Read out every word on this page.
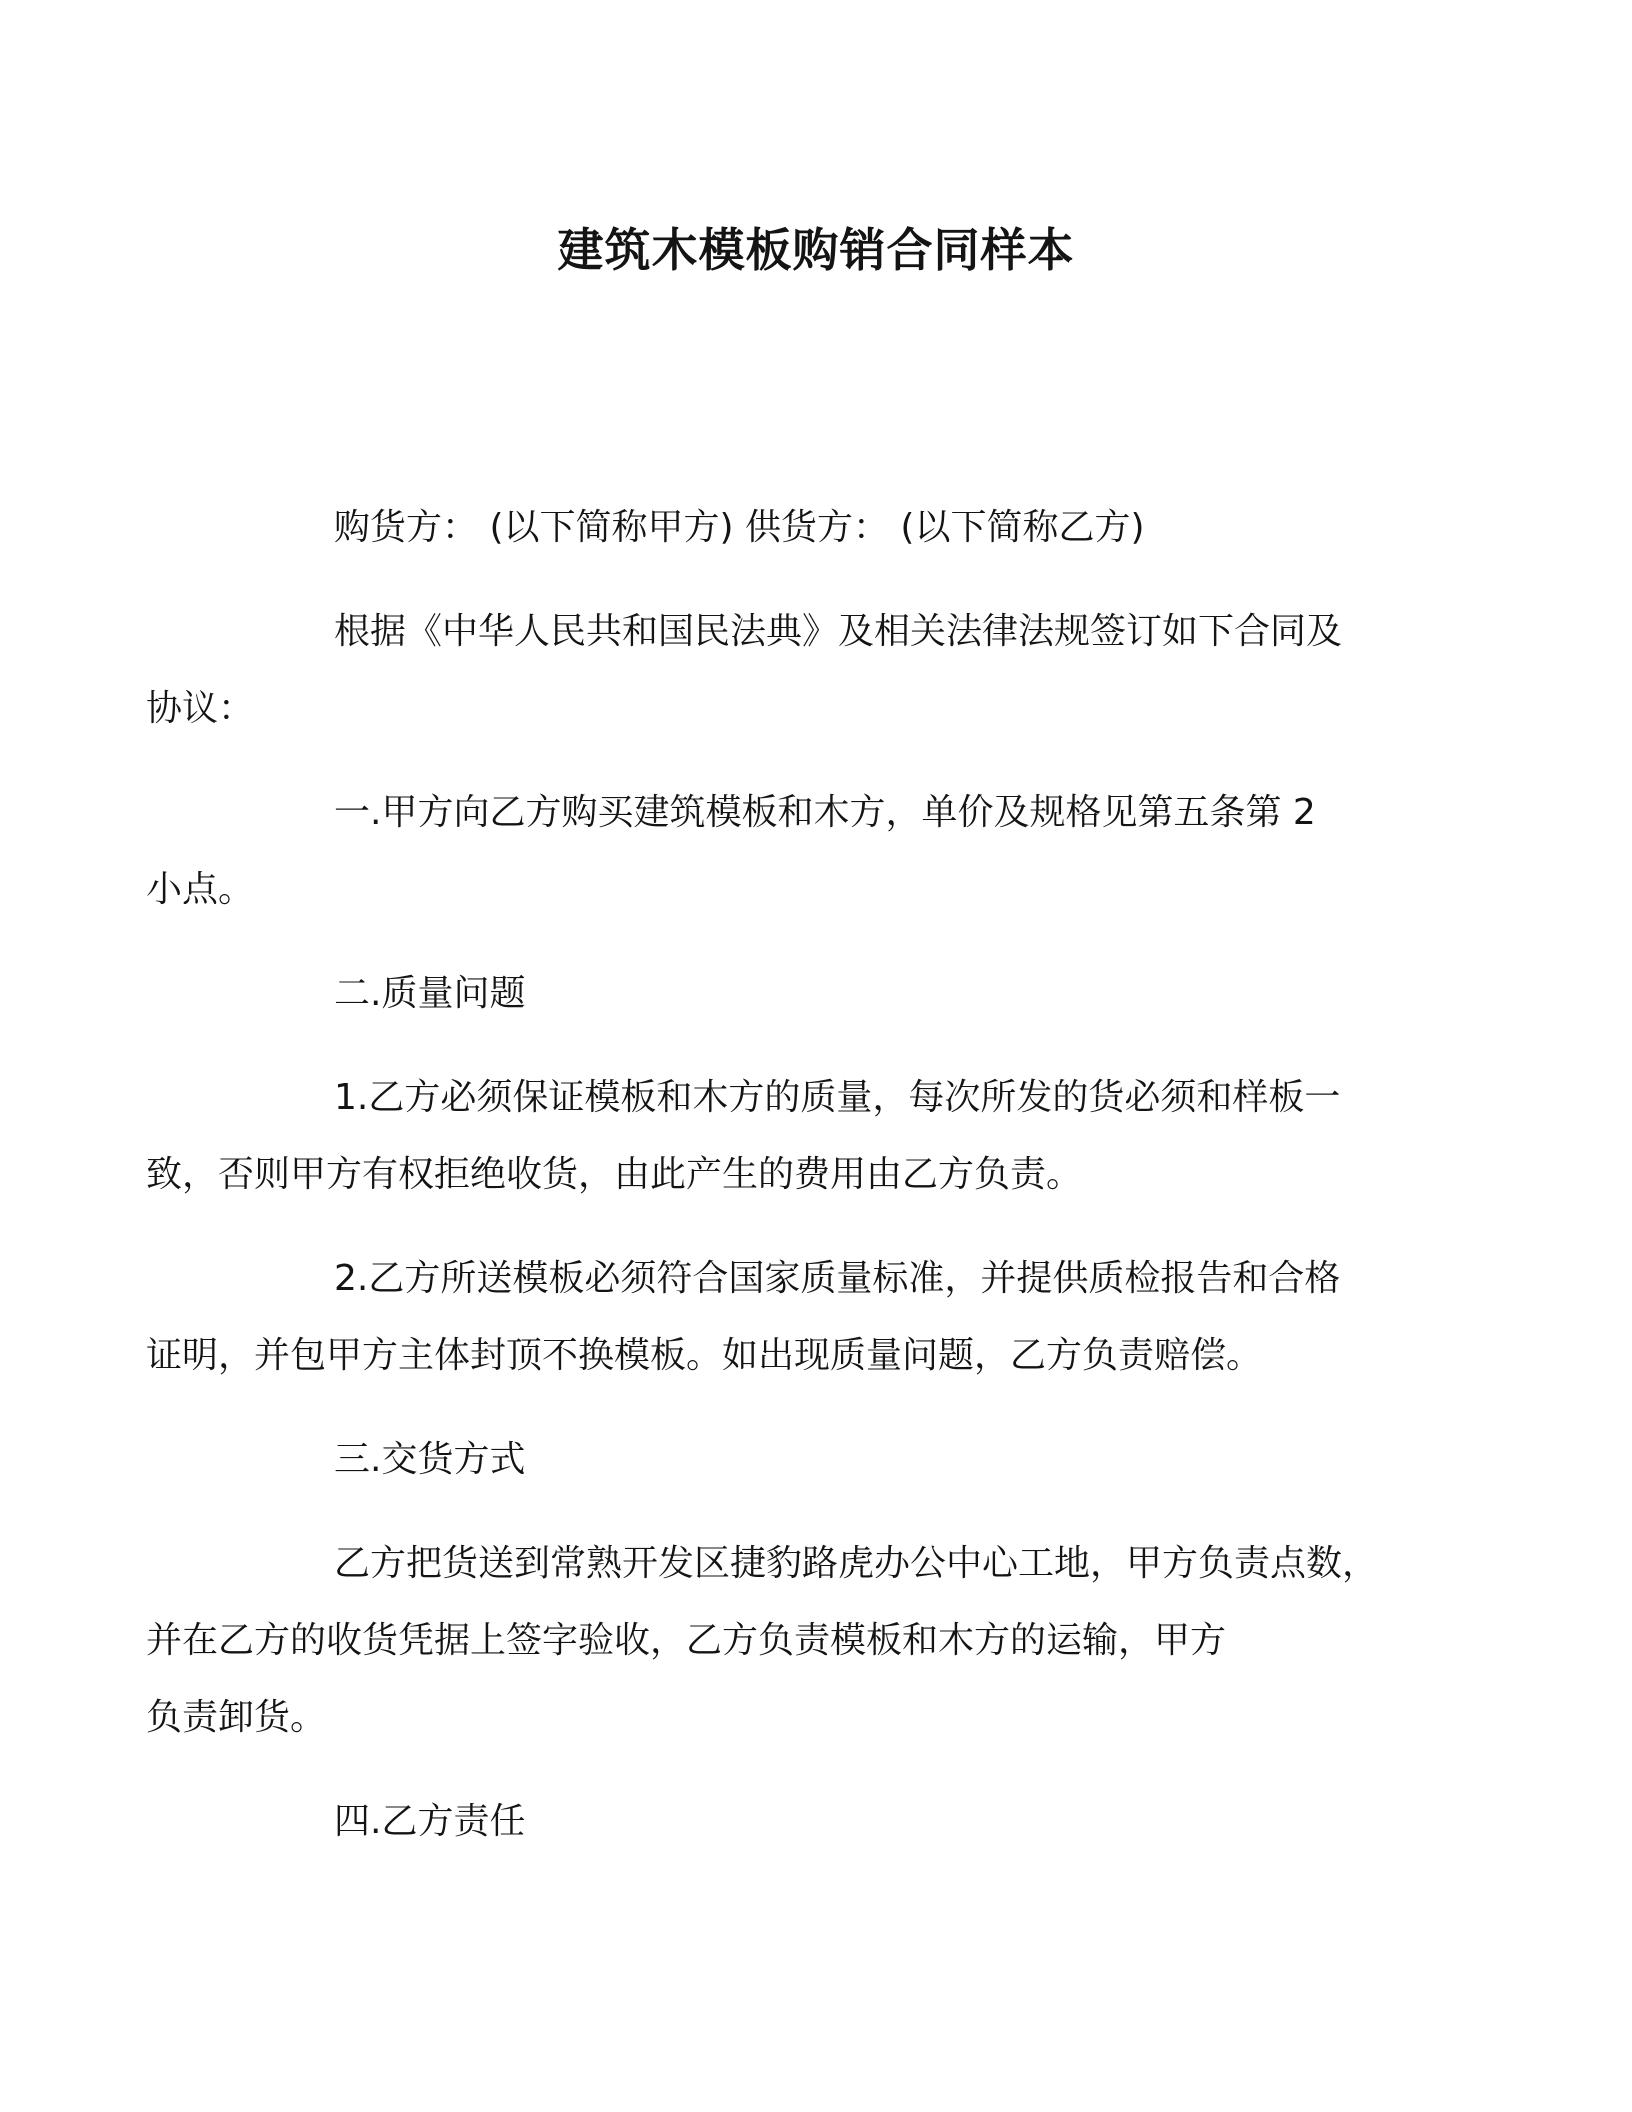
建筑木模板购销合同样本

购货方： (以下简称甲方) 供货方： (以下简称乙方)

根据《中华人民共和国民法典》及相关法律法规签订如下合同及
协议：

一.甲方向乙方购买建筑模板和木方，单价及规格见第五条第 2
小点。

二.质量问题

1.乙方必须保证模板和木方的质量，每次所发的货必须和样板一
致，否则甲方有权拒绝收货，由此产生的费用由乙方负责。

2.乙方所送模板必须符合国家质量标准，并提供质检报告和合格
证明，并包甲方主体封顶不换模板。如出现质量问题，乙方负责赔偿。

三.交货方式

乙方把货送到常熟开发区捷豹路虎办公中心工地，甲方负责点数，
并在乙方的收货凭据上签字验收，乙方负责模板和木方的运输，甲方
负责卸货。

四.乙方责任
